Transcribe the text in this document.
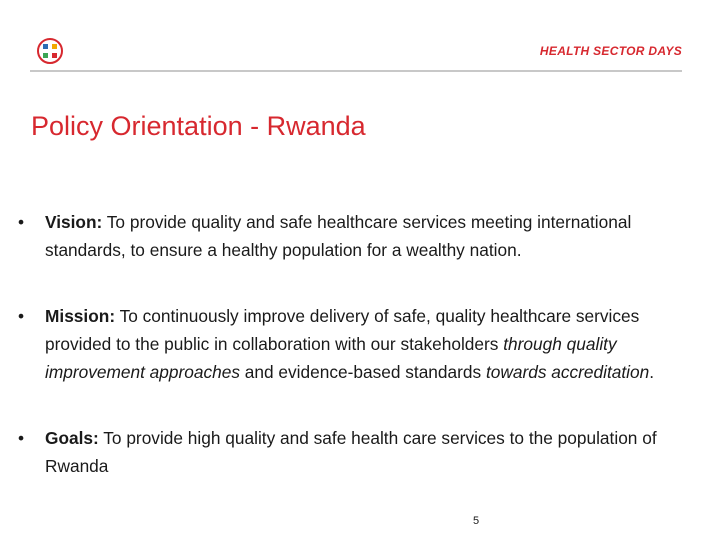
HEALTH SECTOR DAYS
Policy Orientation - Rwanda
• Vision: To provide quality and safe healthcare services meeting international standards, to ensure a healthy population for a wealthy nation.
• Mission: To continuously improve delivery of safe, quality healthcare services provided to the public in collaboration with our stakeholders through quality improvement approaches and evidence-based standards towards accreditation.
• Goals: To provide high quality and safe health care services to the population of Rwanda
5
